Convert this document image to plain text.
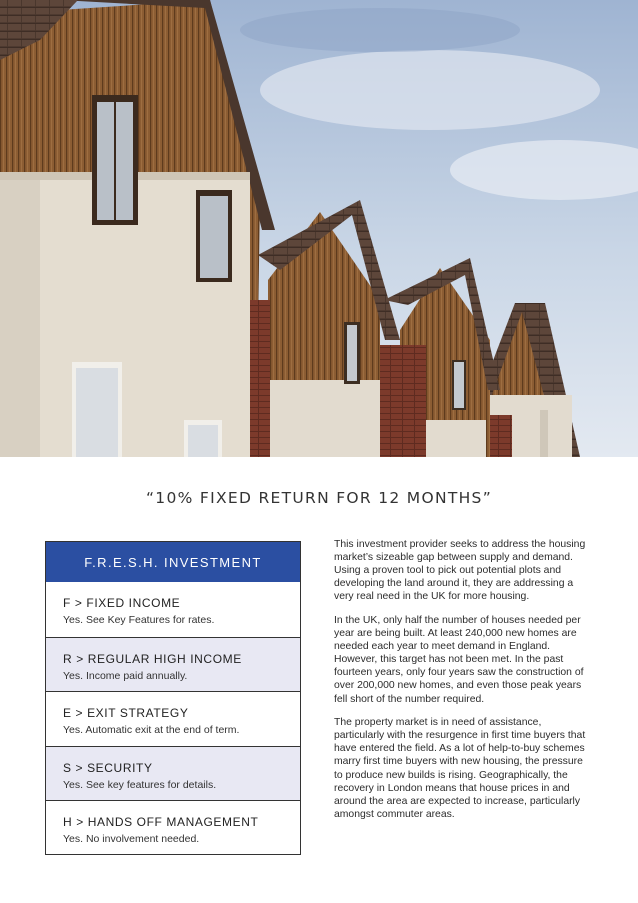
“10% FIXED RETURN FOR 12 MONTHS”
F.R.E.S.H. INVESTMENT
F > FIXED INCOME
Yes. See Key Features for rates.
R > REGULAR HIGH INCOME
Yes. Income paid annually.
E > EXIT STRATEGY
Yes. Automatic exit at the end of term.
S > SECURITY
Yes. See key features for details.
H > HANDS OFF MANAGEMENT
Yes. No involvement needed.

This investment provider seeks to address the housing market’s sizeable gap between supply and demand. Using a proven tool to pick out potential plots and developing the land around it, they are addressing a very real need in the UK for more housing.

In the UK, only half the number of houses needed per year are being built. At least 240,000 new homes are needed each year to meet demand in England. However, this target has not been met. In the past fourteen years, only four years saw the construction of over 200,000 new homes, and even those peak years fell short of the number required.

The property market is in need of assistance, particularly with the resurgence in first time buyers that have entered the field. As a lot of help-to-buy schemes marry first time buyers with new housing, the pressure to produce new builds is rising. Geographically, the recovery in London means that house prices in and around the area are expected to increase, particularly amongst commuter areas.
